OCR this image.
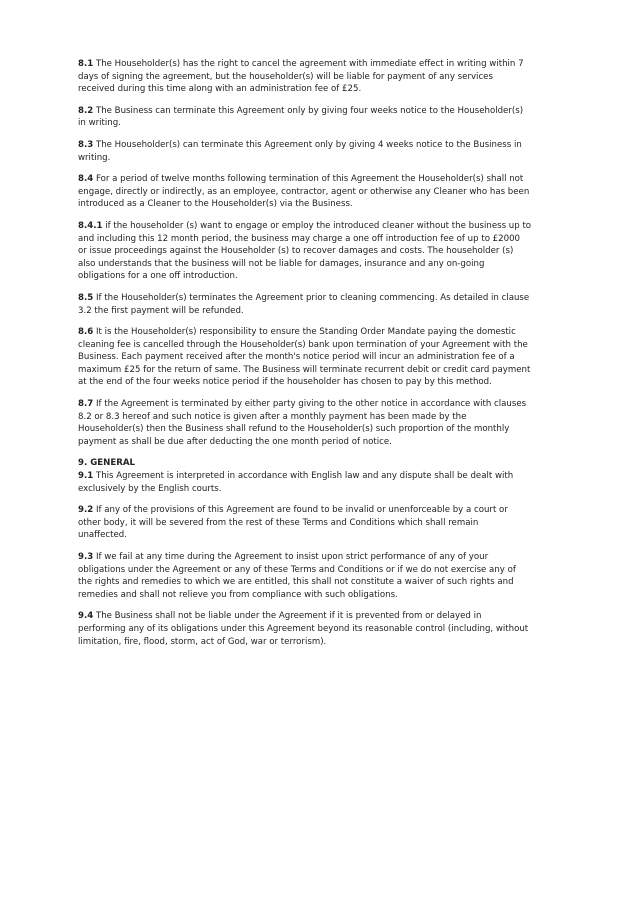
8.1 The Householder(s) has the right to cancel the agreement with immediate effect in writing within 7
days of signing the agreement, but the householder(s) will be liable for payment of any services
received during this time along with an administration fee of £25.
8.2 The Business can terminate this Agreement only by giving four weeks notice to the Householder(s)
in writing.
8.3 The Householder(s) can terminate this Agreement only by giving 4 weeks notice to the Business in
writing.
8.4 For a period of twelve months following termination of this Agreement the Householder(s) shall not
engage, directly or indirectly, as an employee, contractor, agent or otherwise any Cleaner who has been
introduced as a Cleaner to the Householder(s) via the Business.
8.4.1 if the householder (s) want to engage or employ the introduced cleaner without the business up to
and including this 12 month period, the business may charge a one off introduction fee of up to £2000
or issue proceedings against the Householder (s) to recover damages and costs. The householder (s)
also understands that the business will not be liable for damages, insurance and any on-going
obligations for a one off introduction.
8.5 If the Householder(s) terminates the Agreement prior to cleaning commencing. As detailed in clause
3.2 the first payment will be refunded.
8.6 It is the Householder(s) responsibility to ensure the Standing Order Mandate paying the domestic
cleaning fee is cancelled through the Householder(s) bank upon termination of your Agreement with the
Business. Each payment received after the month's notice period will incur an administration fee of a
maximum £25 for the return of same. The Business will terminate recurrent debit or credit card payment
at the end of the four weeks notice period if the householder has chosen to pay by this method.
8.7 If the Agreement is terminated by either party giving to the other notice in accordance with clauses
8.2 or 8.3 hereof and such notice is given after a monthly payment has been made by the
Householder(s) then the Business shall refund to the Householder(s) such proportion of the monthly
payment as shall be due after deducting the one month period of notice.
9. GENERAL
9.1 This Agreement is interpreted in accordance with English law and any dispute shall be dealt with
exclusively by the English courts.
9.2 If any of the provisions of this Agreement are found to be invalid or unenforceable by a court or
other body, it will be severed from the rest of these Terms and Conditions which shall remain
unaffected.
9.3 If we fail at any time during the Agreement to insist upon strict performance of any of your
obligations under the Agreement or any of these Terms and Conditions or if we do not exercise any of
the rights and remedies to which we are entitled, this shall not constitute a waiver of such rights and
remedies and shall not relieve you from compliance with such obligations.
9.4 The Business shall not be liable under the Agreement if it is prevented from or delayed in
performing any of its obligations under this Agreement beyond its reasonable control (including, without
limitation, fire, flood, storm, act of God, war or terrorism).
